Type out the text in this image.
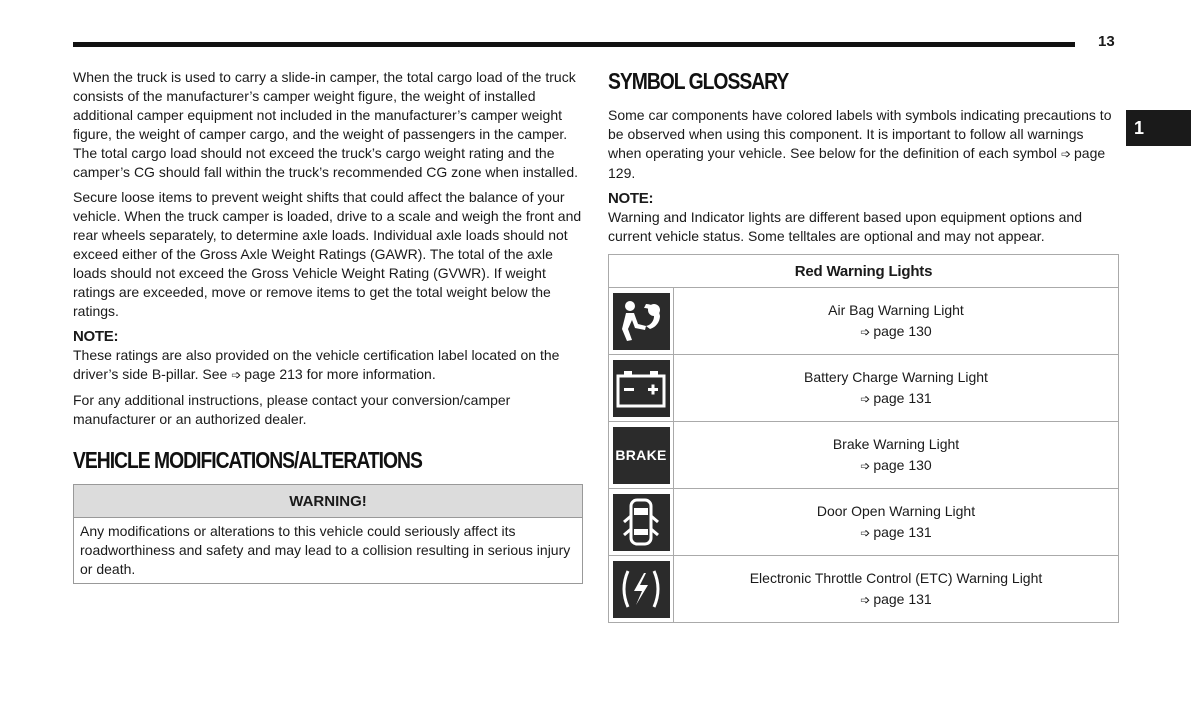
13
1

When the truck is used to carry a slide-in camper, the total cargo load of the truck consists of the manufacturer’s camper weight figure, the weight of installed additional camper equipment not included in the manufacturer’s camper weight figure, the weight of camper cargo, and the weight of passengers in the camper. The total cargo load should not exceed the truck’s cargo weight rating and the camper’s CG should fall within the truck’s recommended CG zone when installed.

Secure loose items to prevent weight shifts that could affect the balance of your vehicle. When the truck camper is loaded, drive to a scale and weigh the front and rear wheels separately, to determine axle loads. Individual axle loads should not exceed either of the Gross Axle Weight Ratings (GAWR). The total of the axle loads should not exceed the Gross Vehicle Weight Rating (GVWR). If weight ratings are exceeded, move or remove items to get the total weight below the ratings.

NOTE:

These ratings are also provided on the vehicle certification label located on the driver’s side B-pillar. See ➩ page 213 for more information.

For any additional instructions, please contact your conversion/camper manufacturer or an authorized dealer.

VEHICLE MODIFICATIONS/ALTERATIONS
WARNING!
Any modifications or alterations to this vehicle could seriously affect its roadworthiness and safety and may lead to a collision resulting in serious injury or death.
SYMBOL GLOSSARY

Some car components have colored labels with symbols indicating precautions to be observed when using this component. It is important to follow all warnings when operating your vehicle. See below for the definition of each symbol ➩ page 129.

NOTE:

Warning and Indicator lights are different based upon equipment options and current vehicle status. Some telltales are optional and may not appear.

Red Warning Lights	

Air Bag Warning Light
➩ page 130

Battery Charge Warning Light
➩ page 131

BRAKE	Brake Warning Light
➩ page 130

Door Open Warning Light
➩ page 131

Electronic Throttle Control (ETC) Warning Light
➩ page 131
